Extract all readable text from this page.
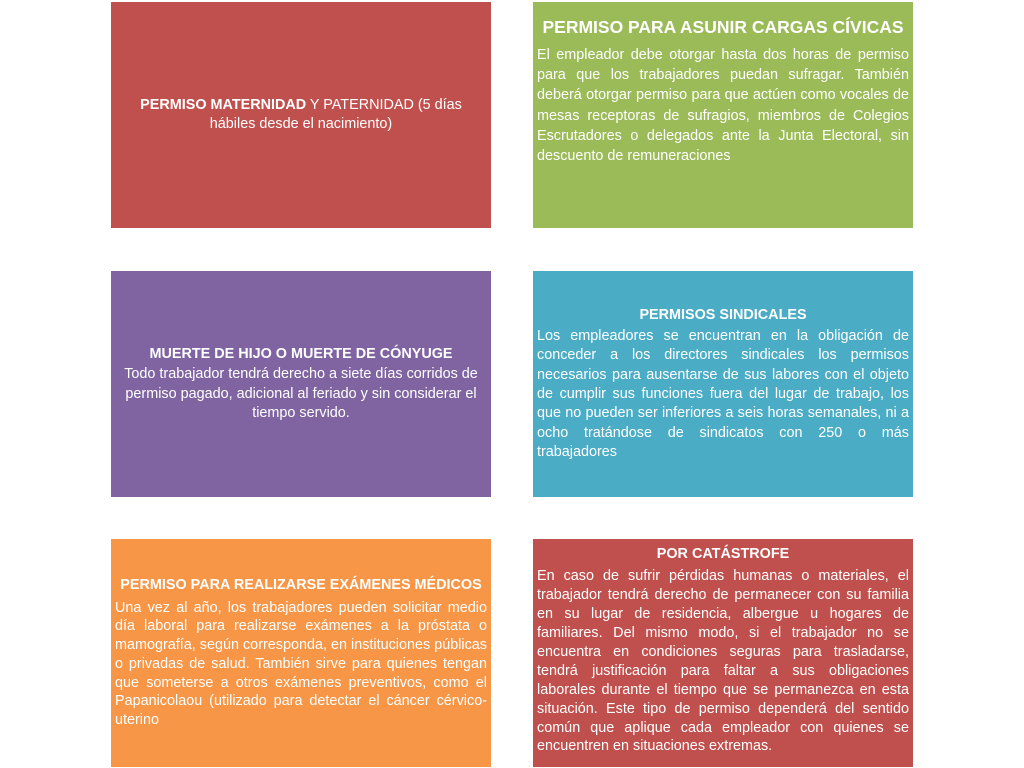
PERMISO MATERNIDAD Y PATERNIDAD (5 días hábiles desde el nacimiento)
PERMISO PARA ASUNIR CARGAS CÍVICAS
El empleador debe otorgar hasta dos horas de permiso para que los trabajadores puedan sufragar. También deberá otorgar permiso para que actúen como vocales de mesas receptoras de sufragios, miembros de Colegios Escrutadores o delegados ante la Junta Electoral, sin descuento de remuneraciones
MUERTE DE HIJO O MUERTE DE CÓNYUGE
Todo trabajador tendrá derecho a siete días corridos de permiso pagado, adicional al feriado y sin considerar el tiempo servido.
PERMISOS SINDICALES
Los empleadores se encuentran en la obligación de conceder a los directores sindicales los permisos necesarios para ausentarse de sus labores con el objeto de cumplir sus funciones fuera del lugar de trabajo, los que no pueden ser inferiores a seis horas semanales, ni a ocho tratándose de sindicatos con 250 o más trabajadores
PERMISO PARA REALIZARSE EXÁMENES MÉDICOS
Una vez al año, los trabajadores pueden solicitar medio día laboral para realizarse exámenes a la próstata o mamografía, según corresponda, en instituciones públicas o privadas de salud. También sirve para quienes tengan que someterse a otros exámenes preventivos, como el Papanicolaou (utilizado para detectar el cáncer cérvico-uterino
POR CATÁSTROFE
En caso de sufrir pérdidas humanas o materiales, el trabajador tendrá derecho de permanecer con su familia en su lugar de residencia, albergue u hogares de familiares. Del mismo modo, si el trabajador no se encuentra en condiciones seguras para trasladarse, tendrá justificación para faltar a sus obligaciones laborales durante el tiempo que se permanezca en esta situación. Este tipo de permiso dependerá del sentido común que aplique cada empleador con quienes se encuentren en situaciones extremas.
